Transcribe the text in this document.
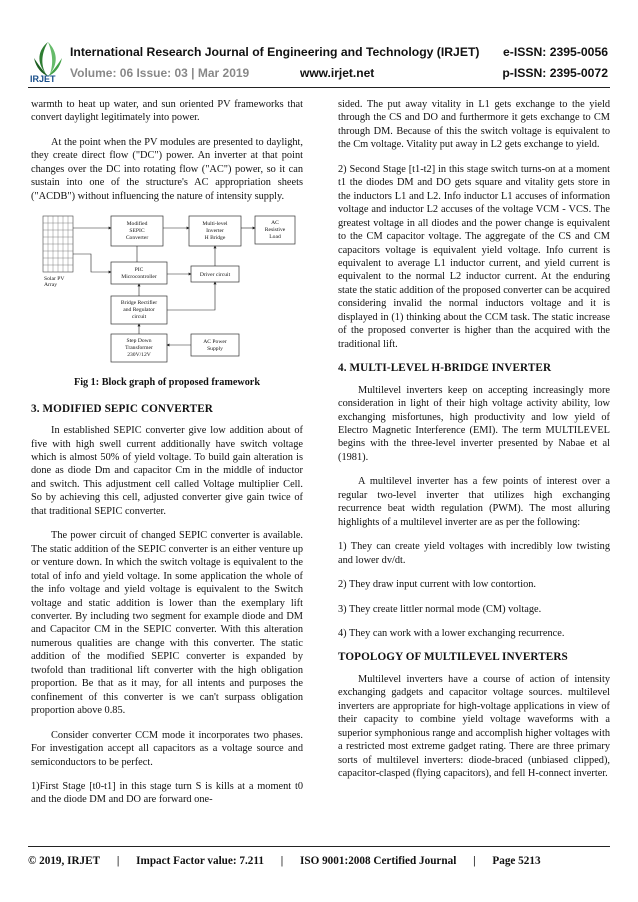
IRJET
International Research Journal of Engineering and Technology (IRJET) e-ISSN: 2395-0056
Volume: 06 Issue: 03 | Mar 2019	www.irjet.net	p-ISSN: 2395-0072

warmth to heat up water, and sun oriented PV frameworks that convert daylight legitimately into power.

At the point when the PV modules are presented to daylight, they create direct flow ("DC") power. An inverter at that point changes over the DC into rotating flow ("AC") power, so it can sustain into one of the structure's AC appropriation sheets ("ACDB") without influencing the nature of intensity supply.

Solar PV
Array
Modified
SEPIC
Converter
Multi-level
Inverter
H Bridge
AC
Resistive
Load
PIC
Microcontroller	Driver circuit
Bridge Rectifier
and Regulator
circuit
Step Down
Transformer
230V/12V
AC Power
Supply
Fig 1: Block graph of proposed framework
3. MODIFIED SEPIC CONVERTER

In established SEPIC converter give low addition about of five with high swell current additionally have switch voltage which is almost 50% of yield voltage. To build gain alteration is done as diode Dm and capacitor Cm in the middle of inductor and switch. This adjustment cell called Voltage multiplier Cell. So by achieving this cell, adjusted converter give gain twice of that traditional SEPIC converter.

The power circuit of changed SEPIC converter is available. The static addition of the SEPIC converter is an either venture up or venture down. In which the switch voltage is equivalent to the total of info and yield voltage. In some application the whole of the info voltage and yield voltage is equivalent to the Switch voltage and static addition is lower than the exemplary lift converter. By including two segment for example diode and DM and Capacitor CM in the SEPIC converter. With this alteration numerous qualities are change with this converter. The static addition of the modified SEPIC converter is expanded by twofold than traditional lift converter with the high obligation proportion. Be that as it may, for all intents and purposes the confinement of this converter is we can't surpass obligation proportion above 0.85.

Consider converter CCM mode it incorporates two phases. For investigation accept all capacitors as a voltage source and semiconductors to be perfect.

1)First Stage [t0-t1] in this stage turn S is kills at a moment t0 and the diode DM and DO are forward one-

sided. The put away vitality in L1 gets exchange to the yield through the CS and DO and furthermore it gets exchange to CM through DM. Because of this the switch voltage is equivalent to the Cm voltage. Vitality put away in L2 gets exchange to yield.

2) Second Stage [t1-t2] in this stage switch turns-on at a moment t1 the diodes DM and DO gets square and vitality gets store in the inductors L1 and L2. Info inductor L1 accuses of information voltage and inductor L2 accuses of the voltage VCM - VCS. The greatest voltage in all diodes and the power change is equivalent to the CM capacitor voltage. The aggregate of the CS and CM capacitors voltage is equivalent yield voltage. Info current is equivalent to average L1 inductor current, and yield current is equivalent to the normal L2 inductor current. At the enduring state the static addition of the proposed converter can be acquired considering invalid the normal inductors voltage and it is displayed in (1) thinking about the CCM task. The static increase of the proposed converter is higher than the acquired with the traditional lift.

4. MULTI-LEVEL H-BRIDGE INVERTER

Multilevel inverters keep on accepting increasingly more consideration in light of their high voltage activity ability, low exchanging misfortunes, high productivity and low yield of Electro Magnetic Interference (EMI). The term MULTILEVEL begins with the three-level inverter presented by Nabae et al (1981).

A multilevel inverter has a few points of interest over a regular two-level inverter that utilizes high exchanging recurrence beat width regulation (PWM). The most alluring highlights of a multilevel inverter are as per the following:

1) They can create yield voltages with incredibly low twisting and lower dv/dt.

2) They draw input current with low contortion.

3) They create littler normal mode (CM) voltage.

4) They can work with a lower exchanging recurrence.

TOPOLOGY OF MULTILEVEL INVERTERS

Multilevel inverters have a course of action of intensity exchanging gadgets and capacitor voltage sources. multilevel inverters are appropriate for high-voltage applications in view of their capacity to combine yield voltage waveforms with a superior symphonious range and accomplish higher voltages with a restricted most extreme gadget rating. There are three primary sorts of multilevel inverters: diode-braced (unbiased clipped), capacitor-clasped (flying capacitors), and fell H-connect inverter.

© 2019, IRJET | Impact Factor value: 7.211 | ISO 9001:2008 Certified Journal | Page 5213
